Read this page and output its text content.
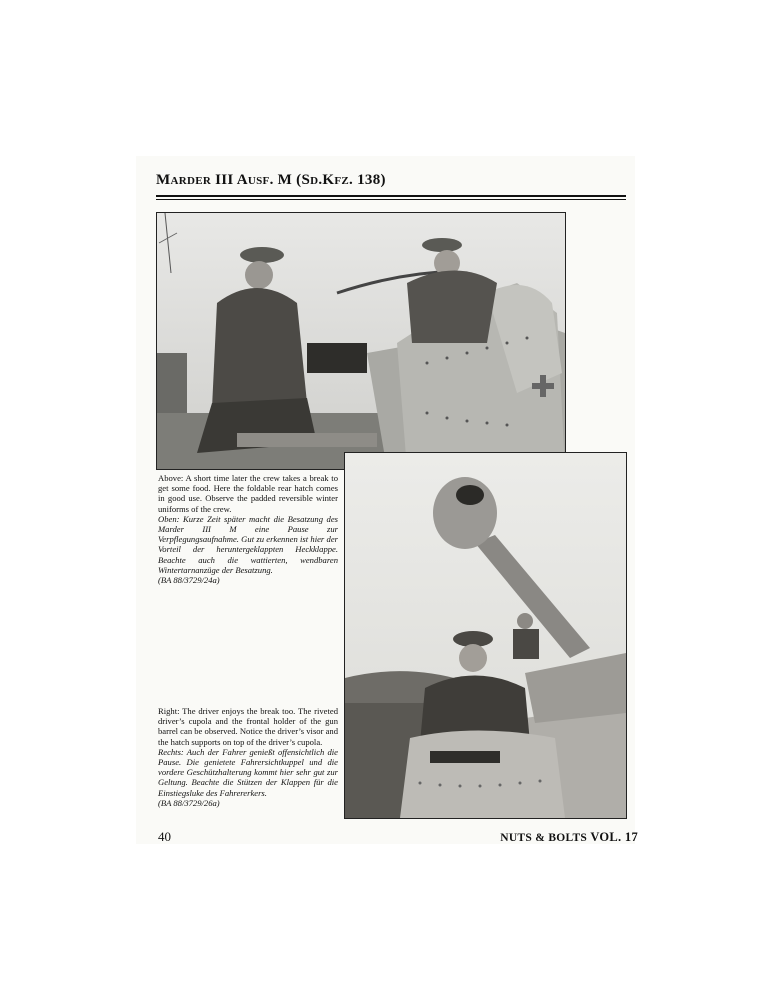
Marder III Ausf. M (Sd.Kfz. 138)

Above: A short time later the crew takes a break to get some food. Here the foldable rear hatch comes in good use. Observe the padded reversible winter uniforms of the crew.

Oben: Kurze Zeit später macht die Besatzung des Marder III M eine Pause zur Verpflegungsaufnahme. Gut zu erkennen ist hier der Vorteil der heruntergeklappten Heckklappe. Beachte auch die wattierten, wendbaren Wintertarnanzüge der Besatzung.

(BA 88/3729/24a)

Right: The driver enjoys the break too. The riveted driver’s cupola and the frontal holder of the gun barrel can be observed. Notice the driver’s visor and the hatch supports on top of the driver’s cupola.

Rechts: Auch der Fahrer genießt offensichtlich die Pause. Die genietete Fahrersichtkuppel und die vordere Geschützhalterung kommt hier sehr gut zur Geltung. Beachte die Stützen der Klappen für die Einstiegsluke des Fahrererkers.

(BA 88/3729/26a)

40	NUTS & BOLTS VOL. 17
